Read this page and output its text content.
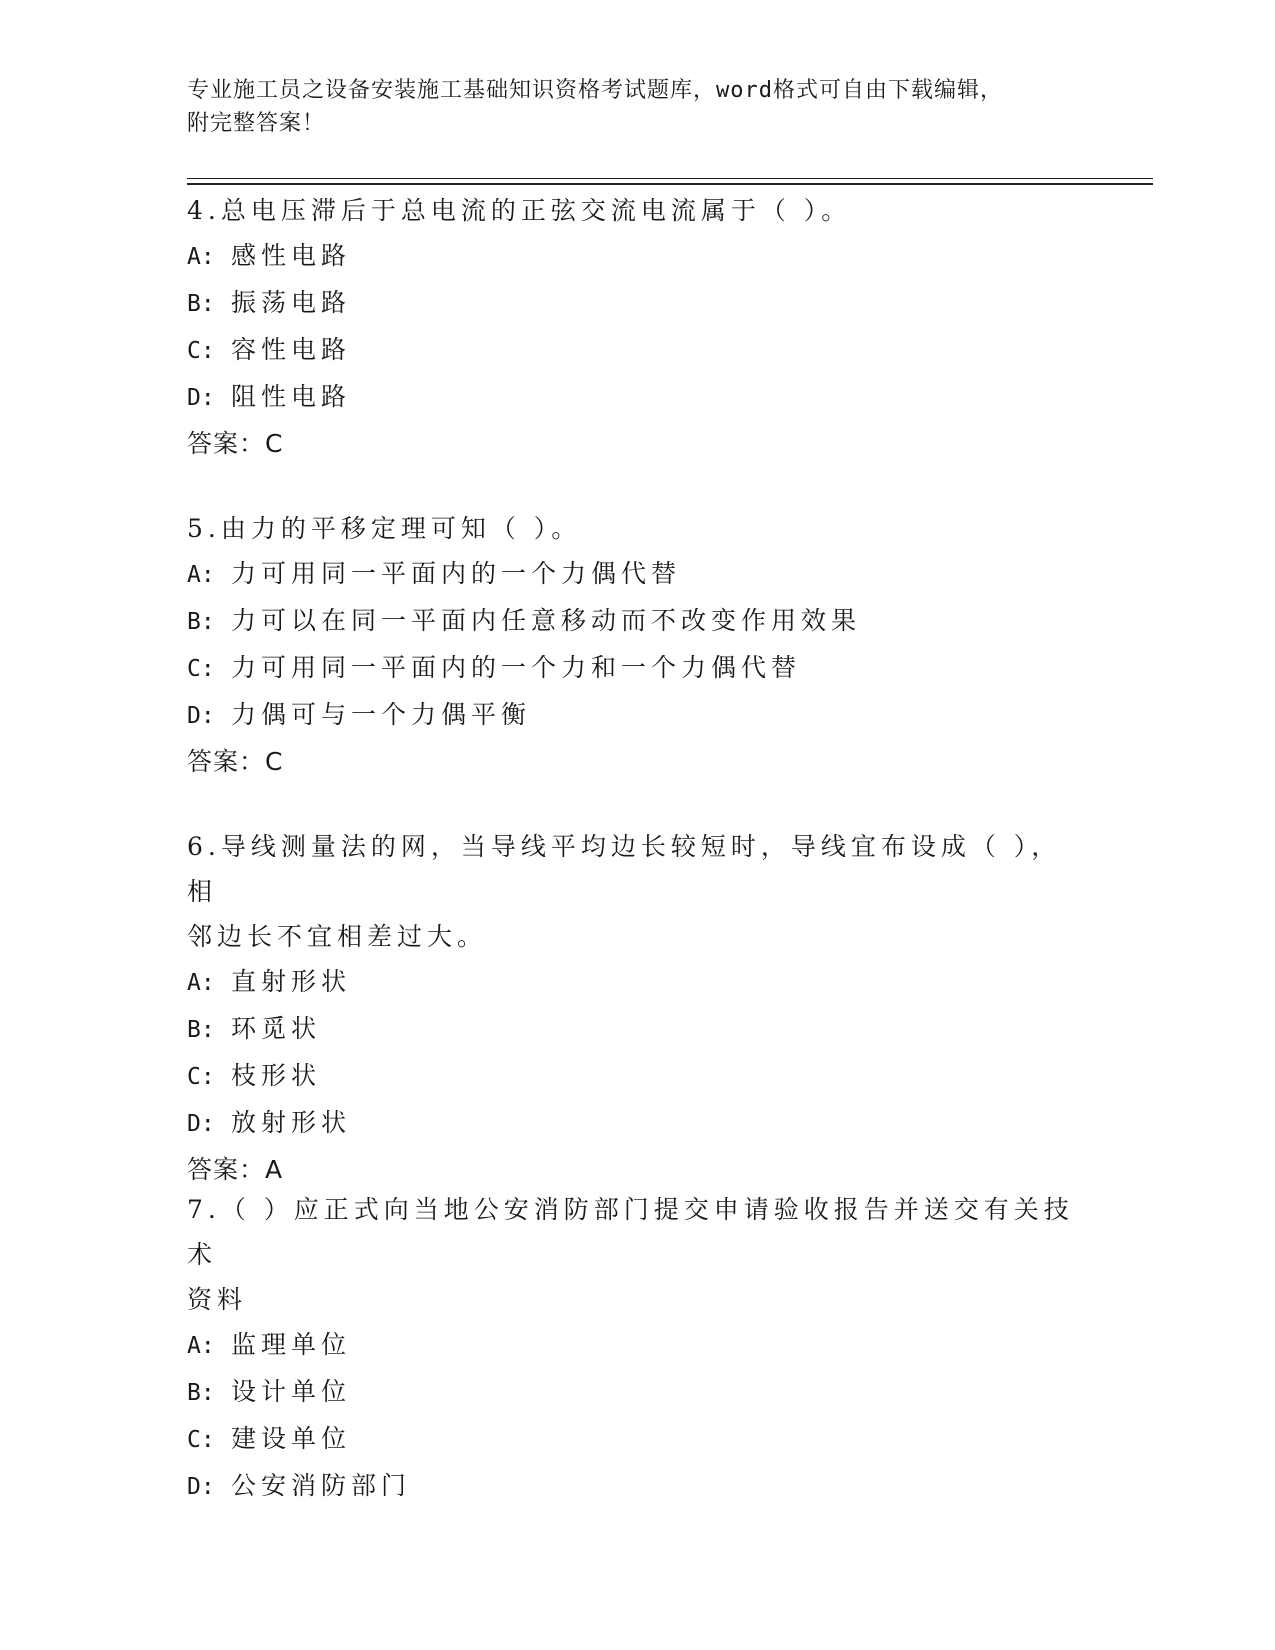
专业施工员之设备安装施工基础知识资格考试题库，word格式可自由下载编辑，
附完整答案！

4.总电压滞后于总电流的正弦交流电流属于（ ）。

A: 感性电路

B: 振荡电路

C: 容性电路

D: 阻性电路

答案：C

5.由力的平移定理可知（ ）。

A: 力可用同一平面内的一个力偶代替

B: 力可以在同一平面内任意移动而不改变作用效果

C: 力可用同一平面内的一个力和一个力偶代替

D: 力偶可与一个力偶平衡

答案：C

6.导线测量法的网，当导线平均边长较短时，导线宜布设成（ ），相

邻边长不宜相差过大。

A: 直射形状

B: 环觅状

C: 枝形状

D: 放射形状

答案：A

7.（ ）应正式向当地公安消防部门提交申请验收报告并送交有关技术

资料

A: 监理单位

B: 设计单位

C: 建设单位

D: 公安消防部门
